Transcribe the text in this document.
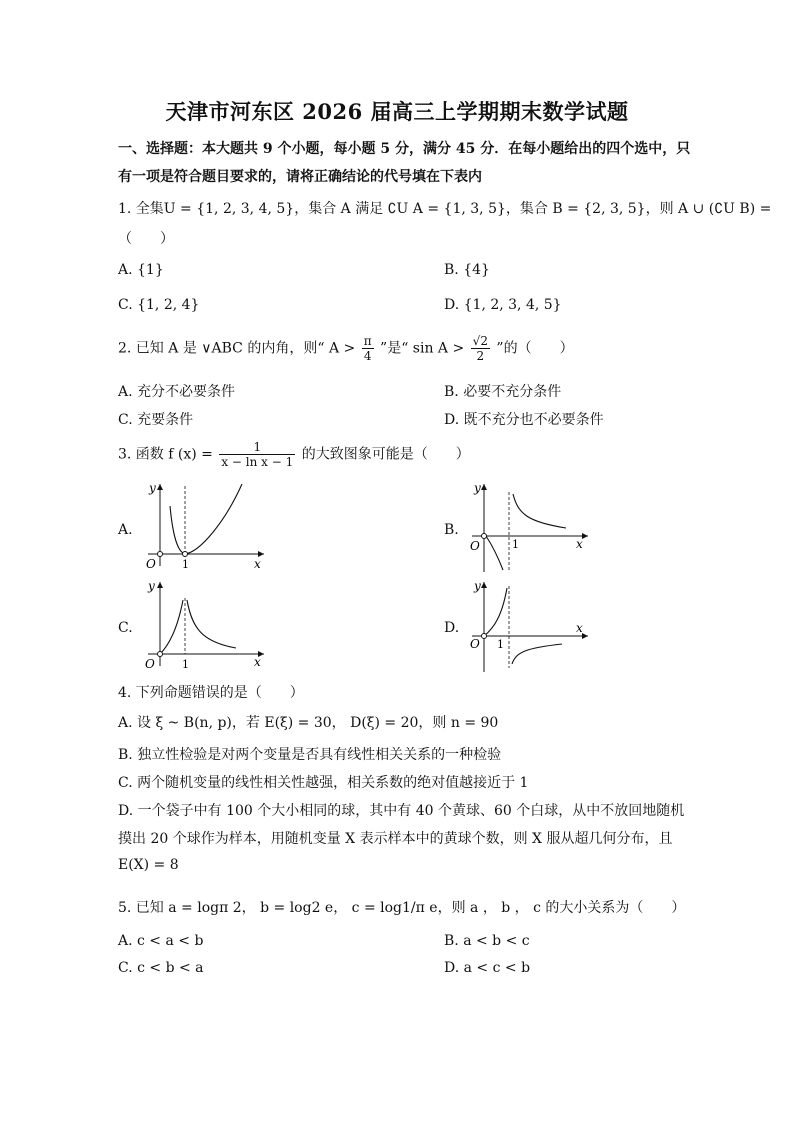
天津市河东区 2026 届高三上学期期末数学试题
一、选择题：本大题共 9 个小题，每小题 5 分，满分 45 分．在每小题给出的四个选中，只
有一项是符合题目要求的，请将正确结论的代号填在下表内
1. 全集U = {1, 2, 3, 4, 5}，集合 A 满足 ∁U A = {1, 3, 5}，集合 B = {2, 3, 5}，则 A ∪ (∁U B) =
（　　）
A. {1}	B. {4}
C. {1, 2, 4}	D. {1, 2, 3, 4, 5}
2. 已知 A 是 ∨ABC 的内角，则“ $A > \frac{\pi}{4}$ ”是“ $\sin A > \frac{√2}{2}$ ”的（　　）
A. 充分不必要条件	B. 必要不充分条件
C. 充要条件	D. 既不充分也不必要条件
3. 函数 f $(x) = \frac{1}{\text{x − ln x − 1}}$ 的大致图象可能是（　　）
A.	B.
C.	D.
y
x
O 1
y
x
O	1
y
x
O 1
y
x
O 1
4. 下列命题错误的是（　　）
A. 设 ξ ~ B(n, p)，若 E(ξ) = 30， D(ξ) = 20，则 n = 90
B. 独立性检验是对两个变量是否具有线性相关关系的一种检验
C. 两个随机变量的线性相关性越强，相关系数的绝对值越接近于 1
D. 一个袋子中有 100 个大小相同的球，其中有 40 个黄球、60 个白球，从中不放回地随机
摸出 20 个球作为样本，用随机变量 X 表示样本中的黄球个数，则 X 服从超几何分布，且
E(X) = 8
5. 已知 a = logπ 2， b = log2 e， c = log1/π e，则 a ， b ， c 的大小关系为（　　）
A. c < a < b	B. a < b < c
C. c < b < a	D. a < c < b
